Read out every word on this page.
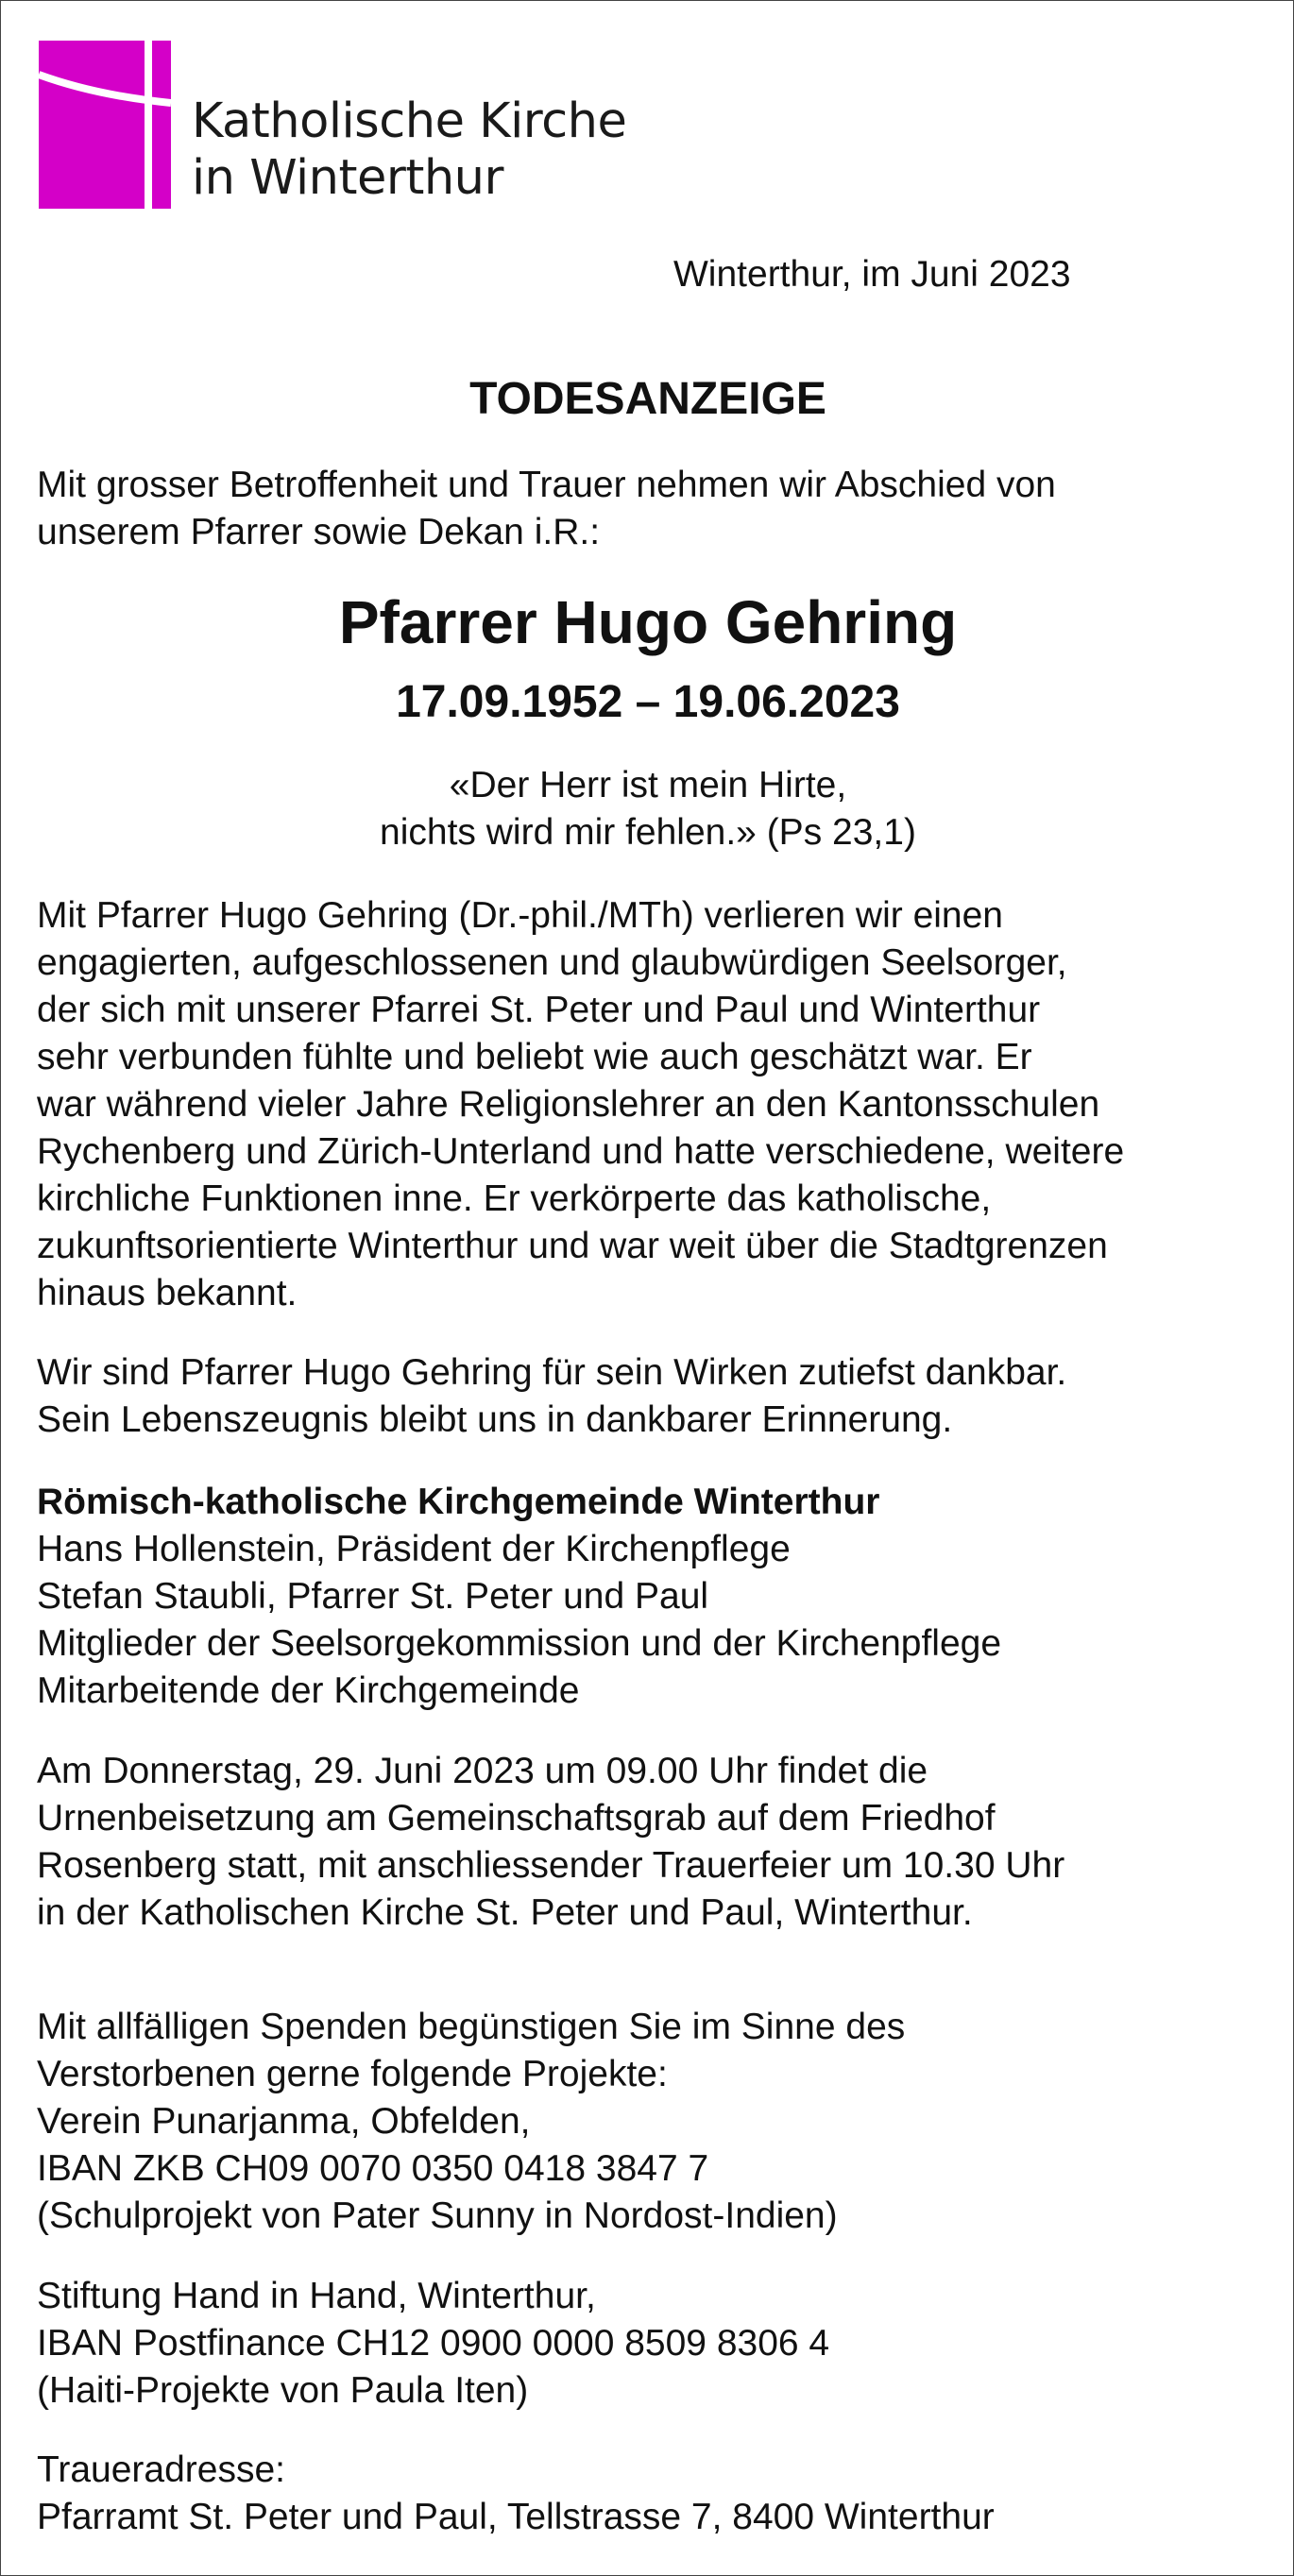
Katholische Kirche
in Winterthur
Winterthur, im Juni 2023
TODESANZEIGE
Mit grosser Betroffenheit und Trauer nehmen wir Abschied von
unserem Pfarrer sowie Dekan i.R.:
Pfarrer Hugo Gehring
17.09.1952 – 19.06.2023
«Der Herr ist mein Hirte,
nichts wird mir fehlen.» (Ps 23,1)
Mit Pfarrer Hugo Gehring (Dr.-phil./MTh) verlieren wir einen
engagierten, aufgeschlossenen und glaubwürdigen Seelsorger,
der sich mit unserer Pfarrei St. Peter und Paul und Winterthur
sehr verbunden fühlte und beliebt wie auch geschätzt war. Er
war während vieler Jahre Religionslehrer an den Kantonsschulen
Rychenberg und Zürich-Unterland und hatte verschiedene, weitere
kirchliche Funktionen inne. Er verkörperte das katholische,
zukunftsorientierte Winterthur und war weit über die Stadtgrenzen
hinaus bekannt.
Wir sind Pfarrer Hugo Gehring für sein Wirken zutiefst dankbar.
Sein Lebenszeugnis bleibt uns in dankbarer Erinnerung.
Römisch-katholische Kirchgemeinde Winterthur
Hans Hollenstein, Präsident der Kirchenpflege
Stefan Staubli, Pfarrer St. Peter und Paul
Mitglieder der Seelsorgekommission und der Kirchenpflege
Mitarbeitende der Kirchgemeinde
Am Donnerstag, 29. Juni 2023 um 09.00 Uhr findet die
Urnenbeisetzung am Gemeinschaftsgrab auf dem Friedhof
Rosenberg statt, mit anschliessender Trauerfeier um 10.30 Uhr
in der Katholischen Kirche St. Peter und Paul, Winterthur.
Mit allfälligen Spenden begünstigen Sie im Sinne des
Verstorbenen gerne folgende Projekte:
Verein Punarjanma, Obfelden,
IBAN ZKB CH09 0070 0350 0418 3847 7
(Schulprojekt von Pater Sunny in Nordost-Indien)
Stiftung Hand in Hand, Winterthur,
IBAN Postfinance CH12 0900 0000 8509 8306 4
(Haiti-Projekte von Paula Iten)
Traueradresse:
Pfarramt St. Peter und Paul, Tellstrasse 7, 8400 Winterthur
